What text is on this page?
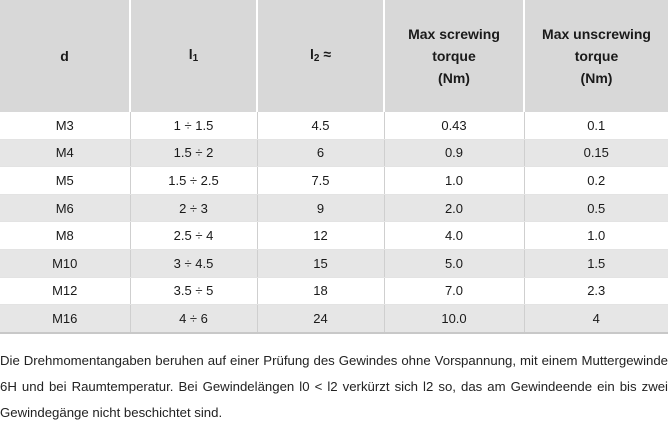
d	$l_1$	$l_2$ ≈	Max screwing
torque
(Nm)	Max unscrewing
torque
(Nm)
M3	1 ÷ 1.5	4.5	0.43	0.1
M4	1.5 ÷ 2	6	0.9	0.15
M5	1.5 ÷ 2.5	7.5	1.0	0.2
M6	2 ÷ 3	9	2.0	0.5
M8	2.5 ÷ 4	12	4.0	1.0
M10	3 ÷ 4.5	15	5.0	1.5
M12	3.5 ÷ 5	18	7.0	2.3
M16	4 ÷ 6	24	10.0	4

Die Drehmomentangaben beruhen auf einer Prüfung des Gewindes ohne Vorspannung, mit einem Muttergewinde 6H und bei Raumtemperatur. Bei Gewindelängen l0 < l2 verkürzt sich l2 so, das am Gewindeende ein bis zwei Gewindegänge nicht beschichtet sind.
